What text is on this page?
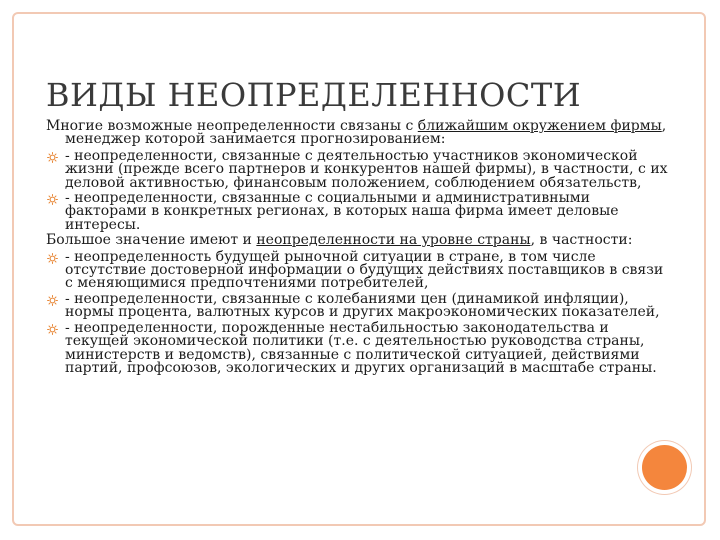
ВИДЫ НЕОПРЕДЕЛЕННОСТИ

Многие возможные неопределенности связаны с ближайшим окружением фирмы, менеджер которой занимается прогнозированием:

- неопределенности, связанные с деятельностью участников экономической жизни (прежде всего партнеров и конкурентов нашей фирмы), в частности, с их деловой активностью, финансовым положением, соблюдением обязательств,
- неопределенности, связанные с социальными и административными факторами в конкретных регионах, в которых наша фирма имеет деловые интересы.

Большое значение имеют и неопределенности на уровне страны, в частности:

- неопределенность будущей рыночной ситуации в стране, в том числе отсутствие достоверной информации о будущих действиях поставщиков в связи с меняющимися предпочтениями потребителей,
- неопределенности, связанные с колебаниями цен (динамикой инфляции), нормы процента, валютных курсов и других макроэкономических показателей,
- неопределенности, порожденные нестабильностью законодательства и текущей экономической политики (т.е. с деятельностью руководства страны, министерств и ведомств), связанные с политической ситуацией, действиями партий, профсоюзов, экологических и других организаций в масштабе страны.
